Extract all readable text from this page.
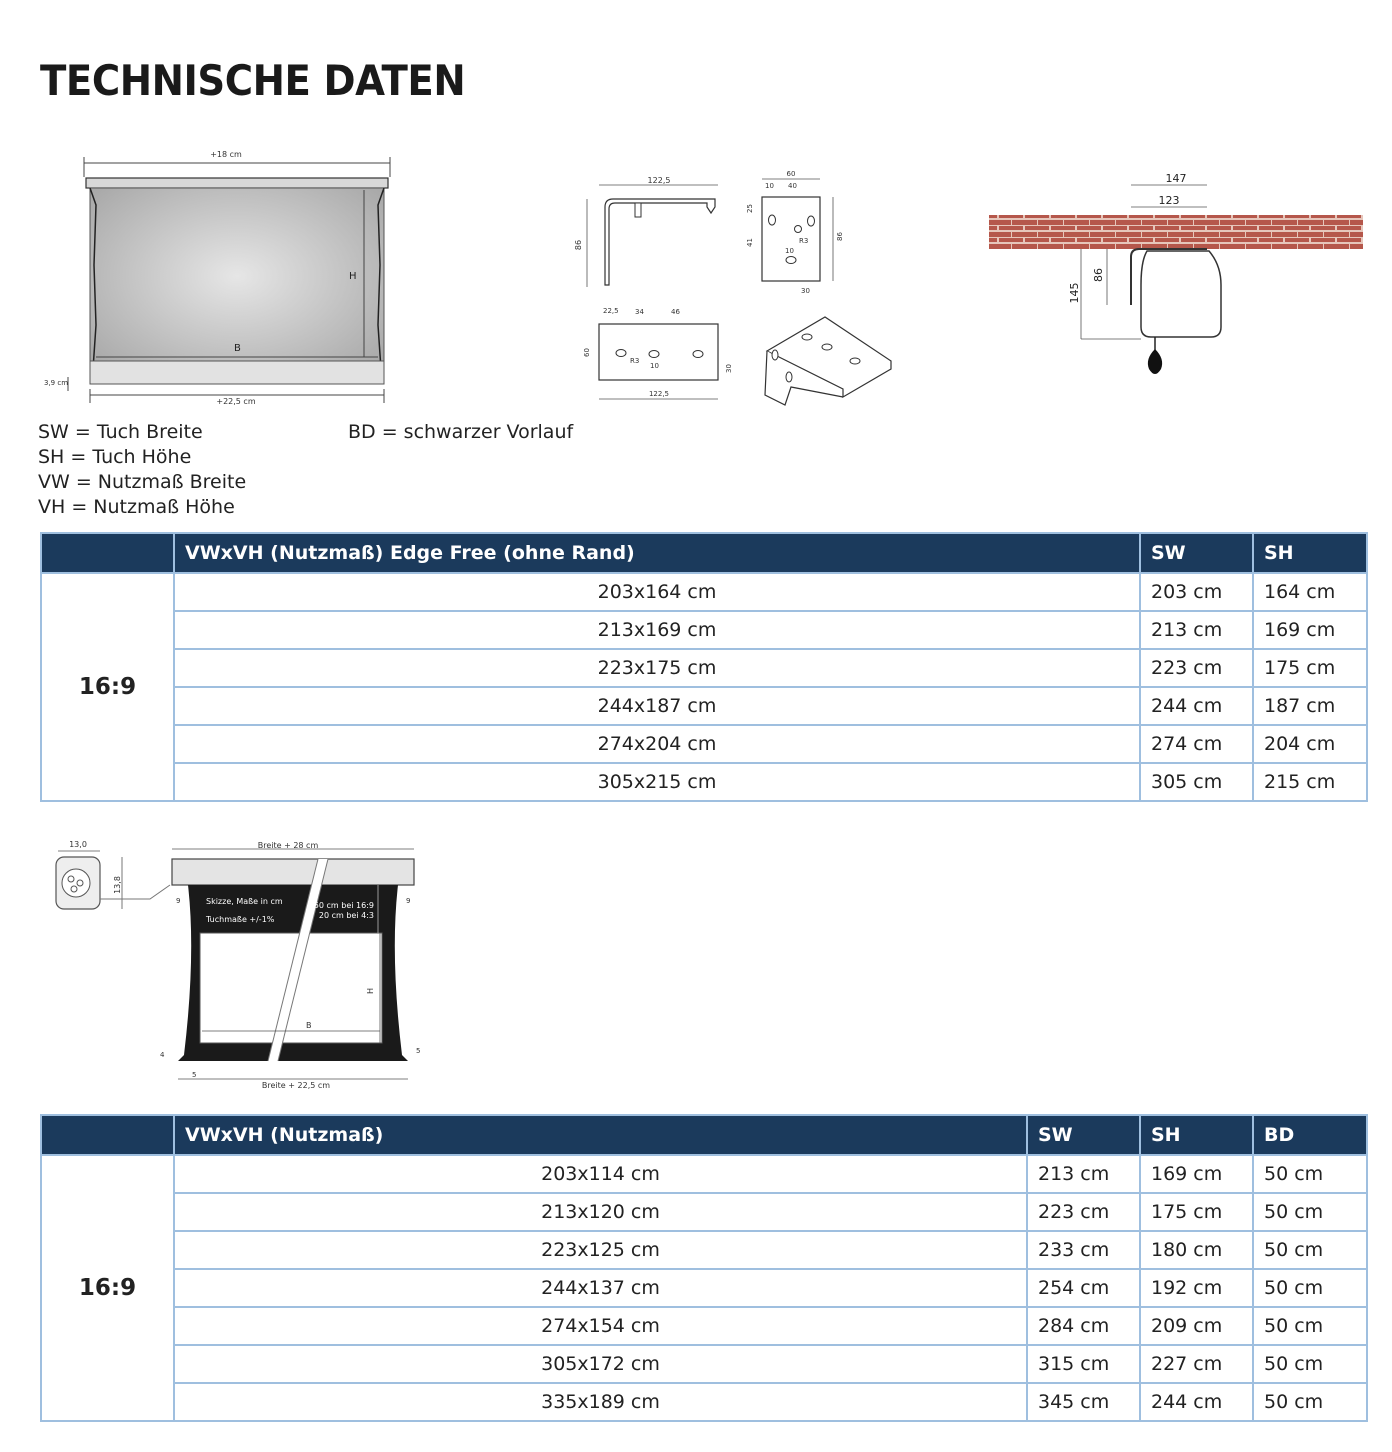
TECHNISCHE DATEN
+18 cm
H
B
+22,5 cm
3,9 cm
122,5
86
60
10 40
R3
10
25
41
86
30
22,5 34	46
R3
10
60
30
122,5
147
123
86
145
SW = Tuch Breite
SH = Tuch Höhe
VW = Nutzmaß Breite
VH = Nutzmaß Höhe
BD = schwarzer Vorlauf
	VWxVH (Nutzmaß) Edge Free (ohne Rand)	SW	SH
16:9	203x164 cm	203 cm	164 cm
	213x169 cm	213 cm	169 cm
	223x175 cm	223 cm	175 cm
	244x187 cm	244 cm	187 cm
	274x204 cm	274 cm	204 cm
	305x215 cm	305 cm	215 cm
13,0
13,8
Breite + 28 cm
Skizze, Maße in cm
Tuchmaße +/-1%
50 cm bei 16:9
20 cm bei 4:3
H
B
9	9
4	5
5
Breite + 22,5 cm
	VWxVH (Nutzmaß)	SW	SH	BD
16:9	203x114 cm	213 cm	169 cm	50 cm
	213x120 cm	223 cm	175 cm	50 cm
	223x125 cm	233 cm	180 cm	50 cm
	244x137 cm	254 cm	192 cm	50 cm
	274x154 cm	284 cm	209 cm	50 cm
	305x172 cm	315 cm	227 cm	50 cm
	335x189 cm	345 cm	244 cm	50 cm
